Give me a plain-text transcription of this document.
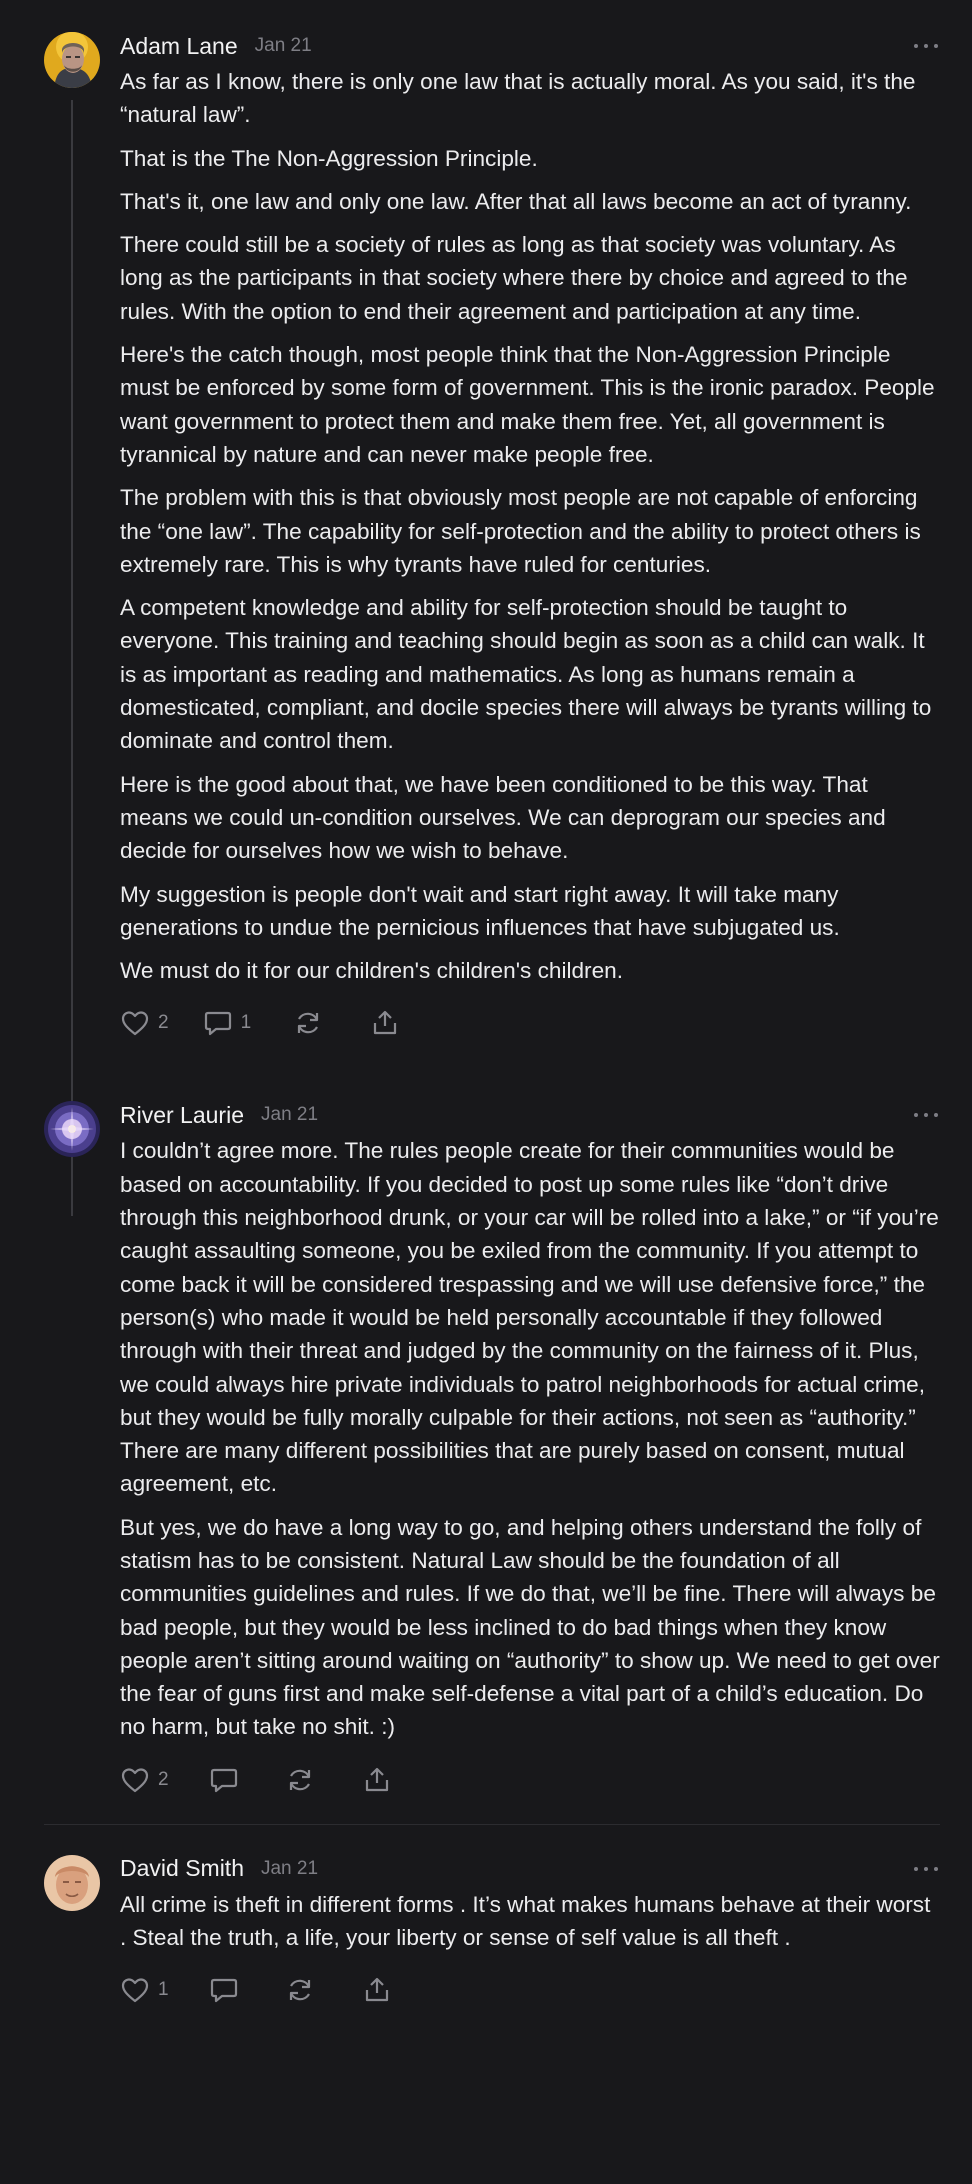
Adam Lane Jan 21

As far as I know, there is only one law that is actually moral. As you said, it's the “natural law”.

That is the The Non-Aggression Principle.

That's it, one law and only one law. After that all laws become an act of tyranny.

There could still be a society of rules as long as that society was voluntary. As long as the participants in that society where there by choice and agreed to the rules. With the option to end their agreement and participation at any time.

Here's the catch though, most people think that the Non-Aggression Principle must be enforced by some form of government. This is the ironic paradox. People want government to protect them and make them free. Yet, all government is tyrannical by nature and can never make people free.

The problem with this is that obviously most people are not capable of enforcing the “one law”. The capability for self-protection and the ability to protect others is extremely rare. This is why tyrants have ruled for centuries.

A competent knowledge and ability for self-protection should be taught to everyone. This training and teaching should begin as soon as a child can walk. It is as important as reading and mathematics. As long as humans remain a domesticated, compliant, and docile species there will always be tyrants willing to dominate and control them.

Here is the good about that, we have been conditioned to be this way. That means we could un-condition ourselves. We can deprogram our species and decide for ourselves how we wish to behave.

My suggestion is people don't wait and start right away. It will take many generations to undue the pernicious influences that have subjugated us.

We must do it for our children's children's children.

2	1
River Laurie Jan 21

I couldn’t agree more. The rules people create for their communities would be based on accountability. If you decided to post up some rules like “don’t drive through this neighborhood drunk, or your car will be rolled into a lake,” or “if you’re caught assaulting someone, you be exiled from the community. If you attempt to come back it will be considered trespassing and we will use defensive force,” the person(s) who made it would be held personally accountable if they followed through with their threat and judged by the community on the fairness of it. Plus, we could always hire private individuals to patrol neighborhoods for actual crime, but they would be fully morally culpable for their actions, not seen as “authority.” There are many different possibilities that are purely based on consent, mutual agreement, etc.

But yes, we do have a long way to go, and helping others understand the folly of statism has to be consistent. Natural Law should be the foundation of all communities guidelines and rules. If we do that, we’ll be fine. There will always be bad people, but they would be less inclined to do bad things when they know people aren’t sitting around waiting on “authority” to show up. We need to get over the fear of guns first and make self-defense a vital part of a child’s education. Do no harm, but take no shit. :)

2
David Smith Jan 21

All crime is theft in different forms . It’s what makes humans behave at their worst . Steal the truth, a life, your liberty or sense of self value is all theft .

1
